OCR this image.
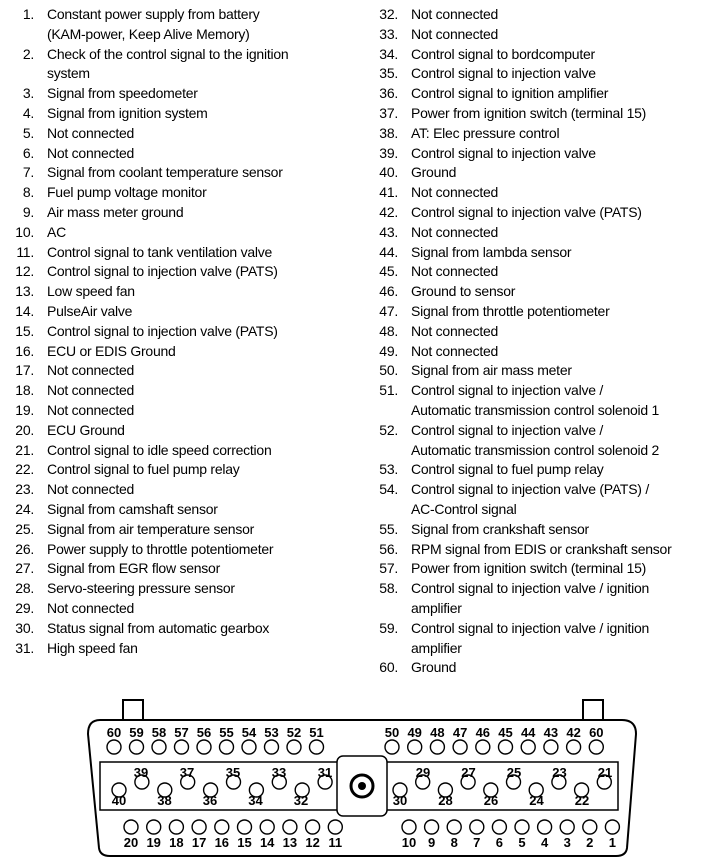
1. Constant power supply from battery
(KAM-power, Keep Alive Memory)
2. Check of the control signal to the ignition
system
3. Signal from speedometer
4. Signal from ignition system
5. Not connected
6. Not connected
7. Signal from coolant temperature sensor
8. Fuel pump voltage monitor
9. Air mass meter ground
10. AC
11. Control signal to tank ventilation valve
12. Control signal to injection valve (PATS)
13. Low speed fan
14. PulseAir valve
15. Control signal to injection valve (PATS)
16. ECU or EDIS Ground
17. Not connected
18. Not connected
19. Not connected
20. ECU Ground
21. Control signal to idle speed correction
22. Control signal to fuel pump relay
23. Not connected
24. Signal from camshaft sensor
25. Signal from air temperature sensor
26. Power supply to throttle potentiometer
27. Signal from EGR flow sensor
28. Servo-steering pressure sensor
29. Not connected
30. Status signal from automatic gearbox
31. High speed fan
32. Not connected
33. Not connected
34. Control signal to bordcomputer
35. Control signal to injection valve
36. Control signal to ignition amplifier
37. Power from ignition switch (terminal 15)
38. AT: Elec pressure control
39. Control signal to injection valve
40. Ground
41. Not connected
42. Control signal to injection valve (PATS)
43. Not connected
44. Signal from lambda sensor
45. Not connected
46. Ground to sensor
47. Signal from throttle potentiometer
48. Not connected
49. Not connected
50. Signal from air mass meter
51. Control signal to injection valve /
Automatic transmission control solenoid 1
52. Control signal to injection valve /
Automatic transmission control solenoid 2
53. Control signal to fuel pump relay
54. Control signal to injection valve (PATS) /
AC-Control signal
55. Signal from crankshaft sensor
56. RPM signal from EDIS or crankshaft sensor
57. Power from ignition switch (terminal 15)
58. Control signal to injection valve / ignition
amplifier
59. Control signal to injection valve / ignition
amplifier
60. Ground
60 59 58 57 56 55 54 53 52 51	50 49 48 47 46 45 44 43 42 60
20 19 18 17 16 15 14 13 12 11	10 9 8 7 6 5 4 3 2 1
39 37 35 33 31
40 38 36 34 32
29 27 25 23 21
30 28 26 24 22
